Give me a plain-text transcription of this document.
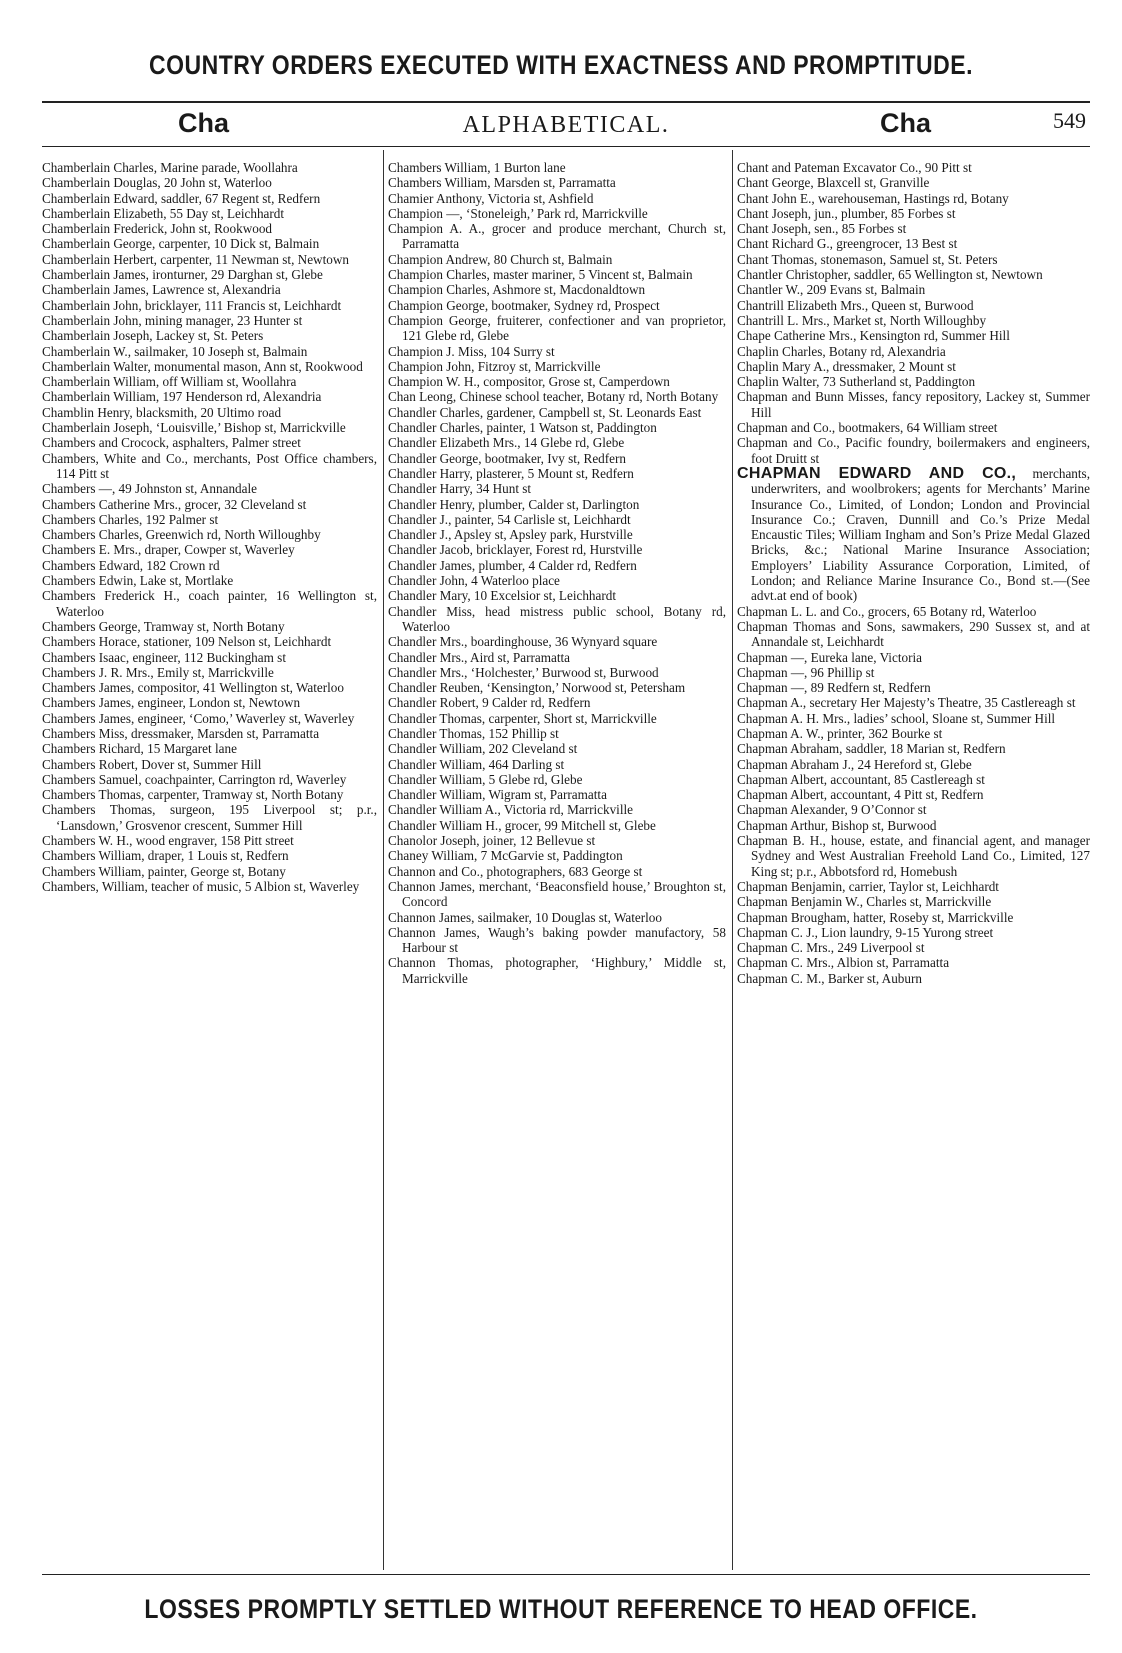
COUNTRY ORDERS EXECUTED WITH EXACTNESS AND PROMPTITUDE.
Cha	ALPHABETICAL.	Cha	549

Chamberlain Charles, Marine parade, Woollahra

Chamberlain Douglas, 20 John st, Waterloo

Chamberlain Edward, saddler, 67 Regent st, Redfern

Chamberlain Elizabeth, 55 Day st, Leichhardt

Chamberlain Frederick, John st, Rookwood

Chamberlain George, carpenter, 10 Dick st, Balmain

Chamberlain Herbert, carpenter, 11 Newman st, Newtown

Chamberlain James, ironturner, 29 Darghan st, Glebe

Chamberlain James, Lawrence st, Alexandria

Chamberlain John, bricklayer, 111 Francis st, Leichhardt

Chamberlain John, mining manager, 23 Hunter st

Chamberlain Joseph, Lackey st, St. Peters

Chamberlain W., sailmaker, 10 Joseph st, Balmain

Chamberlain Walter, monumental mason, Ann st, Rookwood

Chamberlain William, off William st, Woollahra

Chamberlain William, 197 Henderson rd, Alexandria

Chamblin Henry, blacksmith, 20 Ultimo road

Chamberlain Joseph, ‘Louisville,’ Bishop st, Marrickville

Chambers and Crocock, asphalters, Palmer street

Chambers, White and Co., merchants, Post Office chambers, 114 Pitt st

Chambers —, 49 Johnston st, Annandale

Chambers Catherine Mrs., grocer, 32 Cleveland st

Chambers Charles, 192 Palmer st

Chambers Charles, Greenwich rd, North Willoughby

Chambers E. Mrs., draper, Cowper st, Waverley

Chambers Edward, 182 Crown rd

Chambers Edwin, Lake st, Mortlake

Chambers Frederick H., coach painter, 16 Wellington st, Waterloo

Chambers George, Tramway st, North Botany

Chambers Horace, stationer, 109 Nelson st, Leichhardt

Chambers Isaac, engineer, 112 Buckingham st

Chambers J. R. Mrs., Emily st, Marrickville

Chambers James, compositor, 41 Wellington st, Waterloo

Chambers James, engineer, London st, Newtown

Chambers James, engineer, ‘Como,’ Waverley st, Waverley

Chambers Miss, dressmaker, Marsden st, Parramatta

Chambers Richard, 15 Margaret lane

Chambers Robert, Dover st, Summer Hill

Chambers Samuel, coachpainter, Carrington rd, Waverley

Chambers Thomas, carpenter, Tramway st, North Botany

Chambers Thomas, surgeon, 195 Liverpool st; p.r., ‘Lansdown,’ Grosvenor crescent, Summer Hill

Chambers W. H., wood engraver, 158 Pitt street

Chambers William, draper, 1 Louis st, Redfern

Chambers William, painter, George st, Botany

Chambers, William, teacher of music, 5 Albion st, Waverley

Chambers William, 1 Burton lane

Chambers William, Marsden st, Parramatta

Chamier Anthony, Victoria st, Ashfield

Champion —, ‘Stoneleigh,’ Park rd, Marrickville

Champion A. A., grocer and produce merchant, Church st, Parramatta

Champion Andrew, 80 Church st, Balmain

Champion Charles, master mariner, 5 Vincent st, Balmain

Champion Charles, Ashmore st, Macdonaldtown

Champion George, bootmaker, Sydney rd, Prospect

Champion George, fruiterer, confectioner and van proprietor, 121 Glebe rd, Glebe

Champion J. Miss, 104 Surry st

Champion John, Fitzroy st, Marrickville

Champion W. H., compositor, Grose st, Camperdown

Chan Leong, Chinese school teacher, Botany rd, North Botany

Chandler Charles, gardener, Campbell st, St. Leonards East

Chandler Charles, painter, 1 Watson st, Paddington

Chandler Elizabeth Mrs., 14 Glebe rd, Glebe

Chandler George, bootmaker, Ivy st, Redfern

Chandler Harry, plasterer, 5 Mount st, Redfern

Chandler Harry, 34 Hunt st

Chandler Henry, plumber, Calder st, Darlington

Chandler J., painter, 54 Carlisle st, Leichhardt

Chandler J., Apsley st, Apsley park, Hurstville

Chandler Jacob, bricklayer, Forest rd, Hurstville

Chandler James, plumber, 4 Calder rd, Redfern

Chandler John, 4 Waterloo place

Chandler Mary, 10 Excelsior st, Leichhardt

Chandler Miss, head mistress public school, Botany rd, Waterloo

Chandler Mrs., boardinghouse, 36 Wynyard square

Chandler Mrs., Aird st, Parramatta

Chandler Mrs., ‘Holchester,’ Burwood st, Burwood

Chandler Reuben, ‘Kensington,’ Norwood st, Petersham

Chandler Robert, 9 Calder rd, Redfern

Chandler Thomas, carpenter, Short st, Marrickville

Chandler Thomas, 152 Phillip st

Chandler William, 202 Cleveland st

Chandler William, 464 Darling st

Chandler William, 5 Glebe rd, Glebe

Chandler William, Wigram st, Parramatta

Chandler William A., Victoria rd, Marrickville

Chandler William H., grocer, 99 Mitchell st, Glebe

Chanolor Joseph, joiner, 12 Bellevue st

Chaney William, 7 McGarvie st, Paddington

Channon and Co., photographers, 683 George st

Channon James, merchant, ‘Beaconsfield house,’ Broughton st, Concord

Channon James, sailmaker, 10 Douglas st, Waterloo

Channon James, Waugh’s baking powder manufactory, 58 Harbour st

Channon Thomas, photographer, ‘Highbury,’ Middle st, Marrickville

Chant and Pateman Excavator Co., 90 Pitt st

Chant George, Blaxcell st, Granville

Chant John E., warehouseman, Hastings rd, Botany

Chant Joseph, jun., plumber, 85 Forbes st

Chant Joseph, sen., 85 Forbes st

Chant Richard G., greengrocer, 13 Best st

Chant Thomas, stonemason, Samuel st, St. Peters

Chantler Christopher, saddler, 65 Wellington st, Newtown

Chantler W., 209 Evans st, Balmain

Chantrill Elizabeth Mrs., Queen st, Burwood

Chantrill L. Mrs., Market st, North Willoughby

Chape Catherine Mrs., Kensington rd, Summer Hill

Chaplin Charles, Botany rd, Alexandria

Chaplin Mary A., dressmaker, 2 Mount st

Chaplin Walter, 73 Sutherland st, Paddington

Chapman and Bunn Misses, fancy repository, Lackey st, Summer Hill

Chapman and Co., bootmakers, 64 William street

Chapman and Co., Pacific foundry, boilermakers and engineers, foot Druitt st

CHAPMAN EDWARD AND CO., merchants, underwriters, and woolbrokers; agents for Merchants’ Marine Insurance Co., Limited, of London; London and Provincial Insurance Co.; Craven, Dunnill and Co.’s Prize Medal Encaustic Tiles; William Ingham and Son’s Prize Medal Glazed Bricks, &c.; National Marine Insurance Association; Employers’ Liability Assurance Corporation, Limited, of London; and Reliance Marine Insurance Co., Bond st.—(See advt.at end of book)

Chapman L. L. and Co., grocers, 65 Botany rd, Waterloo

Chapman Thomas and Sons, sawmakers, 290 Sussex st, and at Annandale st, Leichhardt

Chapman —, Eureka lane, Victoria

Chapman —, 96 Phillip st

Chapman —, 89 Redfern st, Redfern

Chapman A., secretary Her Majesty’s Theatre, 35 Castlereagh st

Chapman A. H. Mrs., ladies’ school, Sloane st, Summer Hill

Chapman A. W., printer, 362 Bourke st

Chapman Abraham, saddler, 18 Marian st, Redfern

Chapman Abraham J., 24 Hereford st, Glebe

Chapman Albert, accountant, 85 Castlereagh st

Chapman Albert, accountant, 4 Pitt st, Redfern

Chapman Alexander, 9 O’Connor st

Chapman Arthur, Bishop st, Burwood

Chapman B. H., house, estate, and financial agent, and manager Sydney and West Australian Freehold Land Co., Limited, 127 King st; p.r., Abbotsford rd, Homebush

Chapman Benjamin, carrier, Taylor st, Leichhardt

Chapman Benjamin W., Charles st, Marrickville

Chapman Brougham, hatter, Roseby st, Marrickville

Chapman C. J., Lion laundry, 9-15 Yurong street

Chapman C. Mrs., 249 Liverpool st

Chapman C. Mrs., Albion st, Parramatta

Chapman C. M., Barker st, Auburn

LOSSES PROMPTLY SETTLED WITHOUT REFERENCE TO HEAD OFFICE.
